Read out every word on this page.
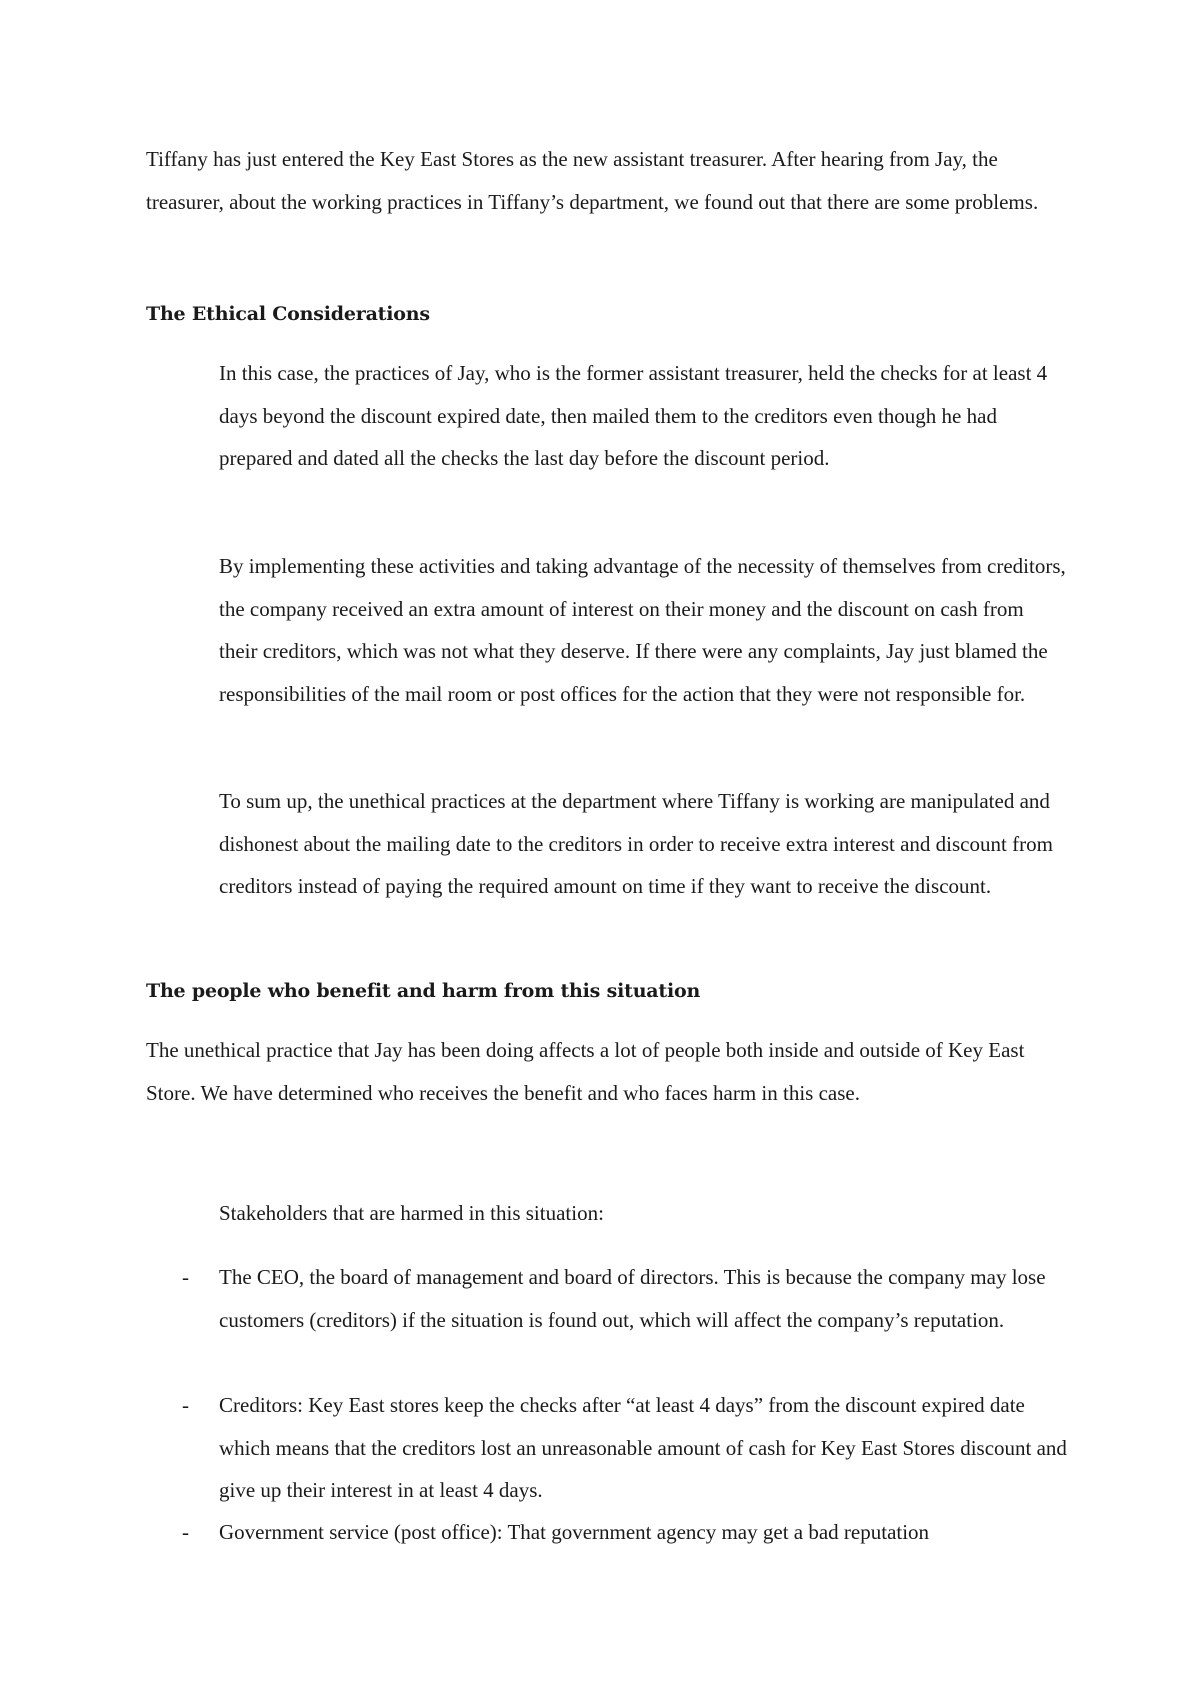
Tiffany has just entered the Key East Stores as the new assistant treasurer. After hearing from Jay, the treasurer, about the working practices in Tiffany’s department, we found out that there are some problems.

The Ethical Considerations

In this case, the practices of Jay, who is the former assistant treasurer, held the checks for at least 4 days beyond the discount expired date, then mailed them to the creditors even though he had prepared and dated all the checks the last day before the discount period.

By implementing these activities and taking advantage of the necessity of themselves from creditors, the company received an extra amount of interest on their money and the discount on cash from their creditors, which was not what they deserve. If there were any complaints, Jay just blamed the responsibilities of the mail room or post offices for the action that they were not responsible for.

To sum up, the unethical practices at the department where Tiffany is working are manipulated and dishonest about the mailing date to the creditors in order to receive extra interest and discount from creditors instead of paying the required amount on time if they want to receive the discount.

The people who benefit and harm from this situation

The unethical practice that Jay has been doing affects a lot of people both inside and outside of Key East Store. We have determined who receives the benefit and who faces harm in this case.

Stakeholders that are harmed in this situation:

- The CEO, the board of management and board of directors. This is because the company may lose customers (creditors) if the situation is found out, which will affect the company’s reputation.
- Creditors: Key East stores keep the checks after “at least 4 days” from the discount expired date which means that the creditors lost an unreasonable amount of cash for Key East Stores discount and give up their interest in at least 4 days.
- Government service (post office): That government agency may get a bad reputation
